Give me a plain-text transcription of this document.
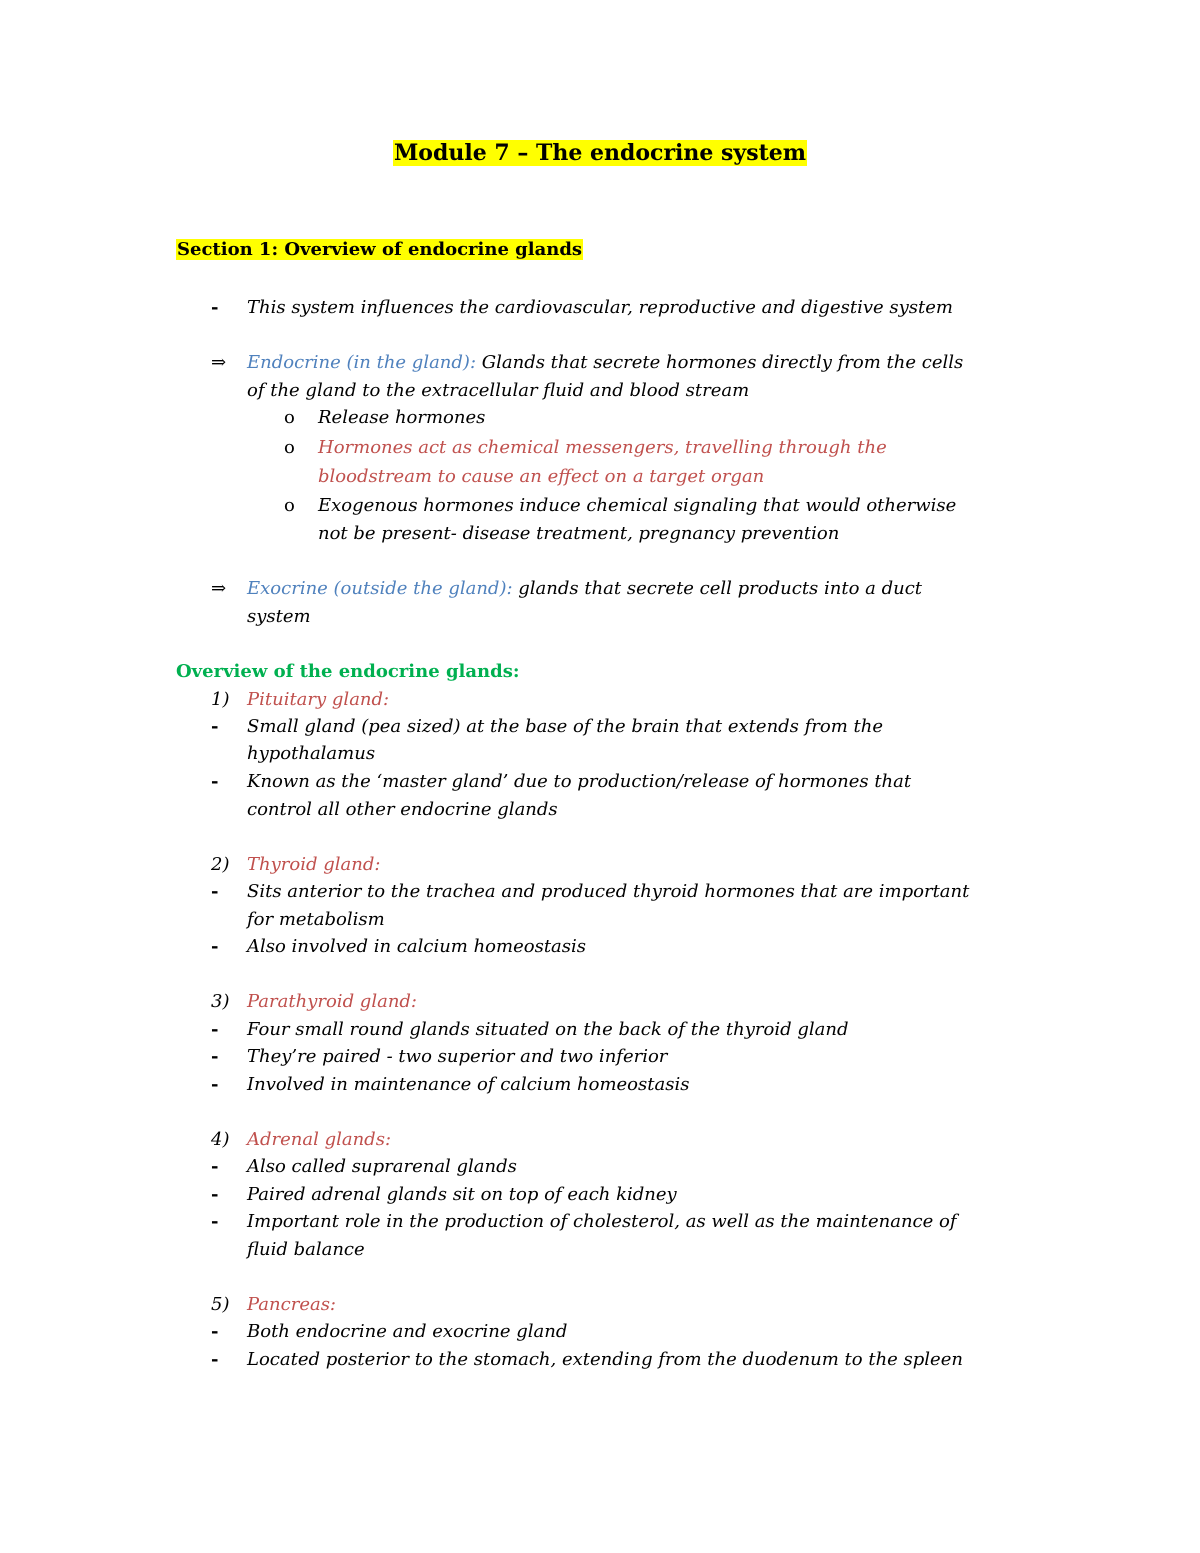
Module 7 – The endocrine system
Section 1: Overview of endocrine glands
- This system influences the cardiovascular, reproductive and digestive system
⇒ Endocrine (in the gland): Glands that secrete hormones directly from the cells
of the gland to the extracellular fluid and blood stream
o Release hormones
o Hormones act as chemical messengers, travelling through the
bloodstream to cause an effect on a target organ
o Exogenous hormones induce chemical signaling that would otherwise
not be present- disease treatment, pregnancy prevention
⇒ Exocrine (outside the gland): glands that secrete cell products into a duct
system
Overview of the endocrine glands:
1) Pituitary gland:
- Small gland (pea sized) at the base of the brain that extends from the
hypothalamus
- Known as the ‘master gland’ due to production/release of hormones that
control all other endocrine glands
2) Thyroid gland:
- Sits anterior to the trachea and produced thyroid hormones that are important
for metabolism
- Also involved in calcium homeostasis
3) Parathyroid gland:
- Four small round glands situated on the back of the thyroid gland
- They’re paired - two superior and two inferior
- Involved in maintenance of calcium homeostasis
4) Adrenal glands:
- Also called suprarenal glands
- Paired adrenal glands sit on top of each kidney
- Important role in the production of cholesterol, as well as the maintenance of
fluid balance
5) Pancreas:
- Both endocrine and exocrine gland
- Located posterior to the stomach, extending from the duodenum to the spleen
